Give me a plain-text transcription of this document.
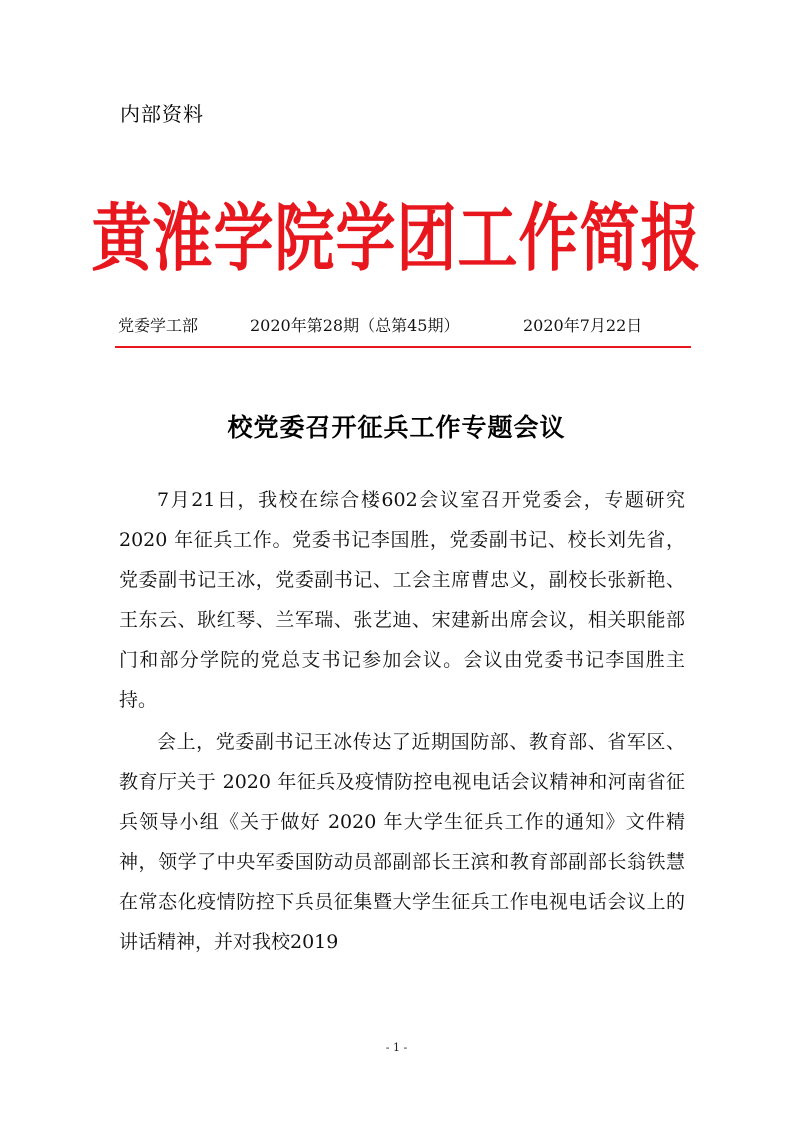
内部资料
黄淮学院学团工作简报

党委学工部

	2020年第28期（总第45期）

	2020年7月22日

校党委召开征兵工作专题会议

7月21日，我校在综合楼602会议室召开党委会，专题研究 2020 年征兵工作。党委书记李国胜，党委副书记、校长刘先省，党委副书记王冰，党委副书记、工会主席曹忠义，副校长张新艳、王东云、耿红琴、兰军瑞、张艺迪、宋建新出席会议，相关职能部门和部分学院的党总支书记参加会议。会议由党委书记李国胜主持。

会上，党委副书记王冰传达了近期国防部、教育部、省军区、教育厅关于 2020 年征兵及疫情防控电视电话会议精神和河南省征兵领导小组《关于做好 2020 年大学生征兵工作的通知》文件精神，领学了中央军委国防动员部副部长王滨和教育部副部长翁铁慧在常态化疫情防控下兵员征集暨大学生征兵工作电视电话会议上的讲话精神，并对我校2019

- 1 -
